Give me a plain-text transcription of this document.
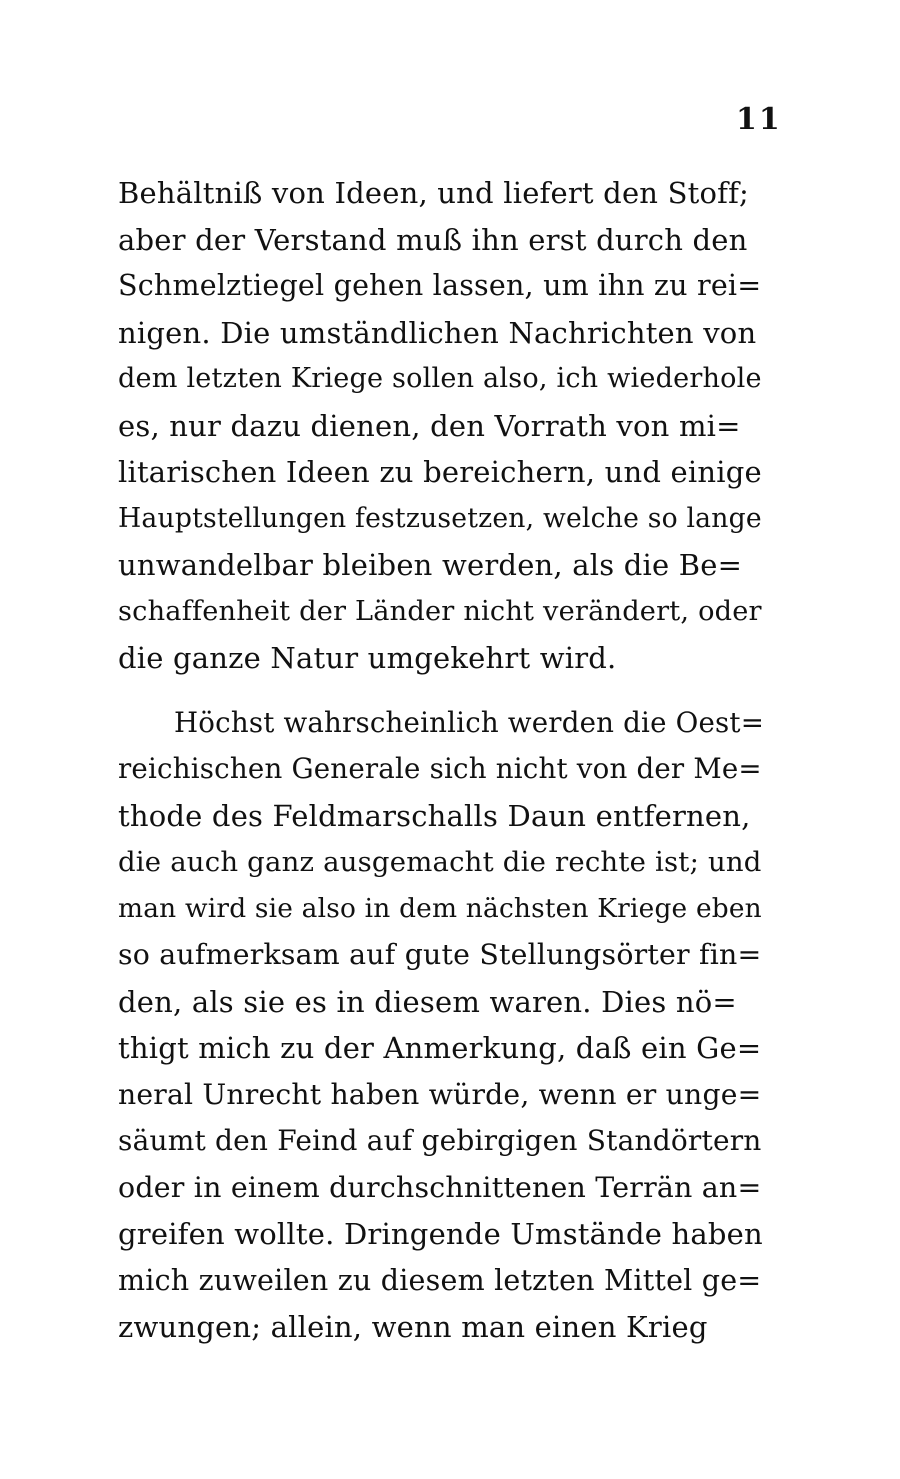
11
Behältniß von Ideen, und liefert den Stoff;
aber der Verstand muß ihn erst durch den
Schmelztiegel gehen lassen, um ihn zu rei=
nigen. Die umständlichen Nachrichten von
dem letzten Kriege sollen also, ich wiederhole
es, nur dazu dienen, den Vorrath von mi=
litarischen Ideen zu bereichern, und einige
Hauptstellungen festzusetzen, welche so lange
unwandelbar bleiben werden, als die Be=
schaffenheit der Länder nicht verändert, oder
die ganze Natur umgekehrt wird.
Höchst wahrscheinlich werden die Oest=
reichischen Generale sich nicht von der Me=
thode des Feldmarschalls Daun entfernen,
die auch ganz ausgemacht die rechte ist; und
man wird sie also in dem nächsten Kriege eben
so aufmerksam auf gute Stellungsörter fin=
den, als sie es in diesem waren. Dies nö=
thigt mich zu der Anmerkung, daß ein Ge=
neral Unrecht haben würde, wenn er unge=
säumt den Feind auf gebirgigen Standörtern
oder in einem durchschnittenen Terrän an=
greifen wollte. Dringende Umstände haben
mich zuweilen zu diesem letzten Mittel ge=
zwungen; allein, wenn man einen Krieg
